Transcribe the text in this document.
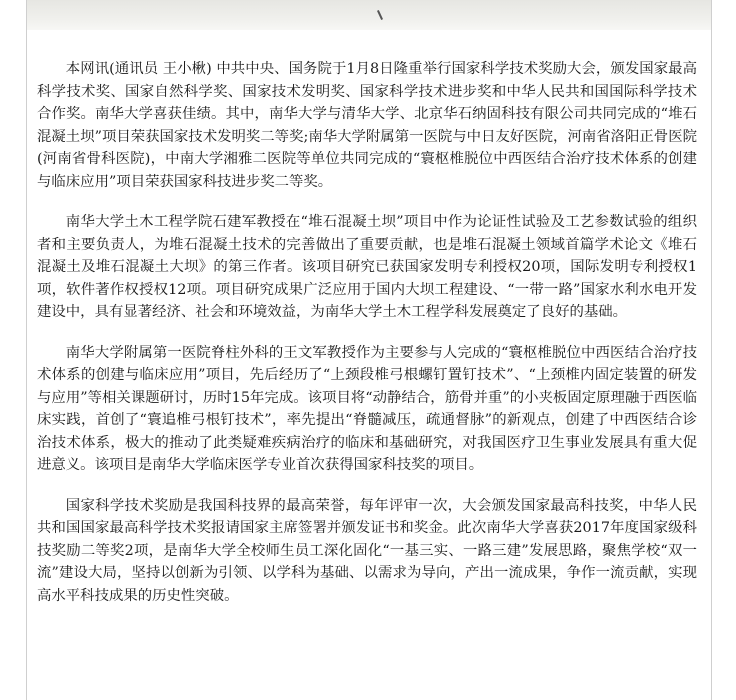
本网讯(通讯员 王小楸) 中共中央、国务院于1月8日隆重举行国家科学技术奖励大会，颁发国家最高科学技术奖、国家自然科学奖、国家技术发明奖、国家科学技术进步奖和中华人民共和国国际科学技术合作奖。南华大学喜获佳绩。其中，南华大学与清华大学、北京华石纳固科技有限公司共同完成的“堆石混凝土坝”项目荣获国家技术发明奖二等奖;南华大学附属第一医院与中日友好医院，河南省洛阳正骨医院(河南省骨科医院)，中南大学湘雅二医院等单位共同完成的“寰枢椎脱位中西医结合治疗技术体系的创建与临床应用”项目荣获国家科技进步奖二等奖。

南华大学土木工程学院石建军教授在“堆石混凝土坝”项目中作为论证性试验及工艺参数试验的组织者和主要负责人，为堆石混凝土技术的完善做出了重要贡献，也是堆石混凝土领域首篇学术论文《堆石混凝土及堆石混凝土大坝》的第三作者。该项目研究已获国家发明专利授权20项，国际发明专利授权1项，软件著作权授权12项。项目研究成果广泛应用于国内大坝工程建设、“一带一路”国家水利水电开发建设中，具有显著经济、社会和环境效益，为南华大学土木工程学科发展奠定了良好的基础。

南华大学附属第一医院脊柱外科的王文军教授作为主要参与人完成的“寰枢椎脱位中西医结合治疗技术体系的创建与临床应用”项目，先后经历了“上颈段椎弓根螺钉置钉技术”、“上颈椎内固定装置的研发与应用”等相关课题研讨，历时15年完成。该项目将“动静结合，筋骨并重”的小夹板固定原理融于西医临床实践，首创了“寰追椎弓根钉技术”，率先提出“脊髓减压，疏通督脉”的新观点，创建了中西医结合诊治技术体系，极大的推动了此类疑难疾病治疗的临床和基础研究，对我国医疗卫生事业发展具有重大促进意义。该项目是南华大学临床医学专业首次获得国家科技奖的项目。

国家科学技术奖励是我国科技界的最高荣誉，每年评审一次，大会颁发国家最高科技奖，中华人民共和国国家最高科学技术奖报请国家主席签署并颁发证书和奖金。此次南华大学喜获2017年度国家级科技奖励二等奖2项，是南华大学全校师生员工深化固化“一基三实、一路三建”发展思路，聚焦学校“双一流”建设大局，坚持以创新为引领、以学科为基础、以需求为导向，产出一流成果，争作一流贡献，实现高水平科技成果的历史性突破。
